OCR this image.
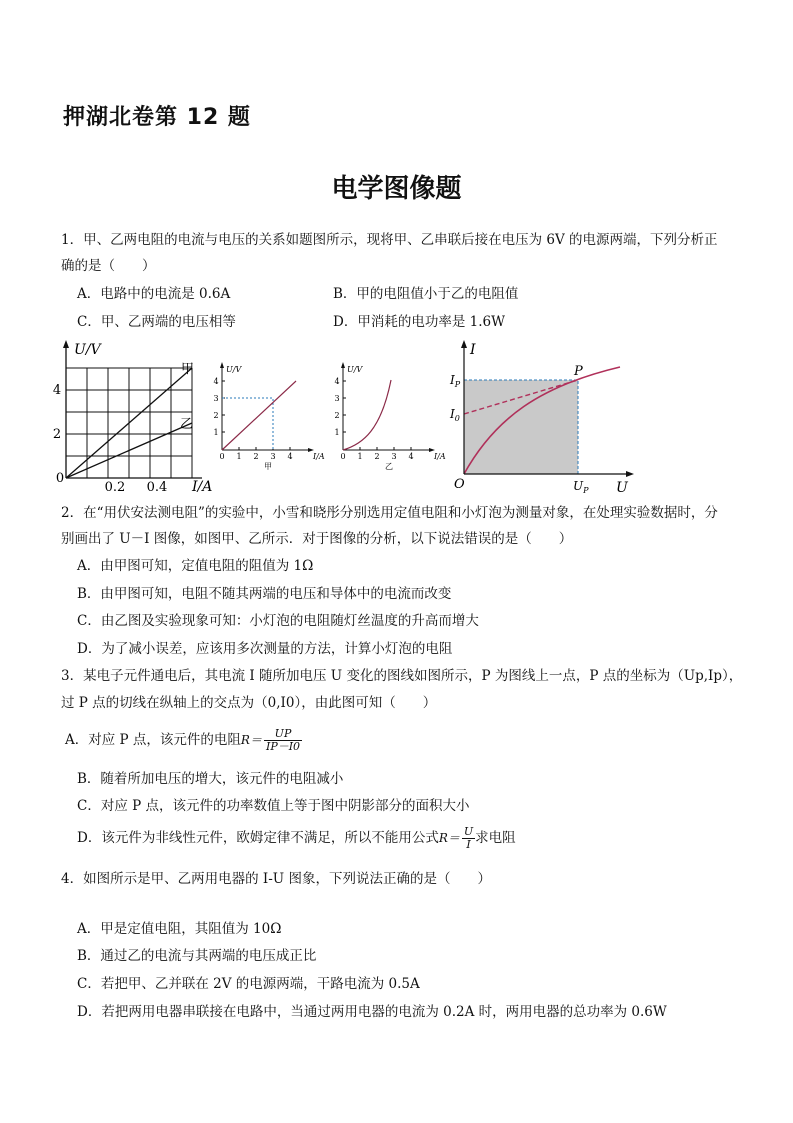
押湖北卷第 12 题
电学图像题
1．甲、乙两电阻的电流与电压的关系如题图所示，现将甲、乙串联后接在电压为 6V 的电源两端，下列分析正
确的是（　　）
A．电路中的电流是 0.6A	B．甲的电阻值小于乙的电阻值
C．甲、乙两端的电压相等	D．甲消耗的电功率是 1.6W
U/V
4
2
0
0.2 0.4 I/A
甲
乙
U/V
4
3
2
1
0 1 2 3 4	I/A
甲
U/V
4
3
2
1
0 1 2 3 4	I/A
乙
I
U
O
P
$I_P$
$I_0$
$U_P$
2．在“用伏安法测电阻”的实验中，小雪和晓彤分别选用定值电阻和小灯泡为测量对象，在处理实验数据时，分
别画出了 U－I 图像，如图甲、乙所示．对于图像的分析，以下说法错误的是（　　）
A．由甲图可知，定值电阻的阻值为 1Ω
B．由甲图可知，电阻不随其两端的电压和导体中的电流而改变
C．由乙图及实验现象可知：小灯泡的电阻随灯丝温度的升高而增大
D．为了减小误差，应该用多次测量的方法，计算小灯泡的电阻
3．某电子元件通电后，其电流 I 随所加电压 U 变化的图线如图所示，P 为图线上一点，P 点的坐标为（Up,Ip），
过 P 点的切线在纵轴上的交点为（0,I0），由此图可知（　　）
A．对应 P 点，该元件的电阻$R= \frac{UP}{IP-I0}$
B．随着所加电压的增大，该元件的电阻减小
C．对应 P 点，该元件的功率数值上等于图中阴影部分的面积大小
D．该元件为非线性元件，欧姆定律不满足，所以不能用公式$R= \frac{U}{I}$ 求电阻
4．如图所示是甲、乙两用电器的 I-U 图象，下列说法正确的是（　　）
A．甲是定值电阻，其阻值为 10Ω
B．通过乙的电流与其两端的电压成正比
C．若把甲、乙并联在 2V 的电源两端，干路电流为 0.5A
D．若把两用电器串联接在电路中，当通过两用电器的电流为 0.2A 时，两用电器的总功率为 0.6W
